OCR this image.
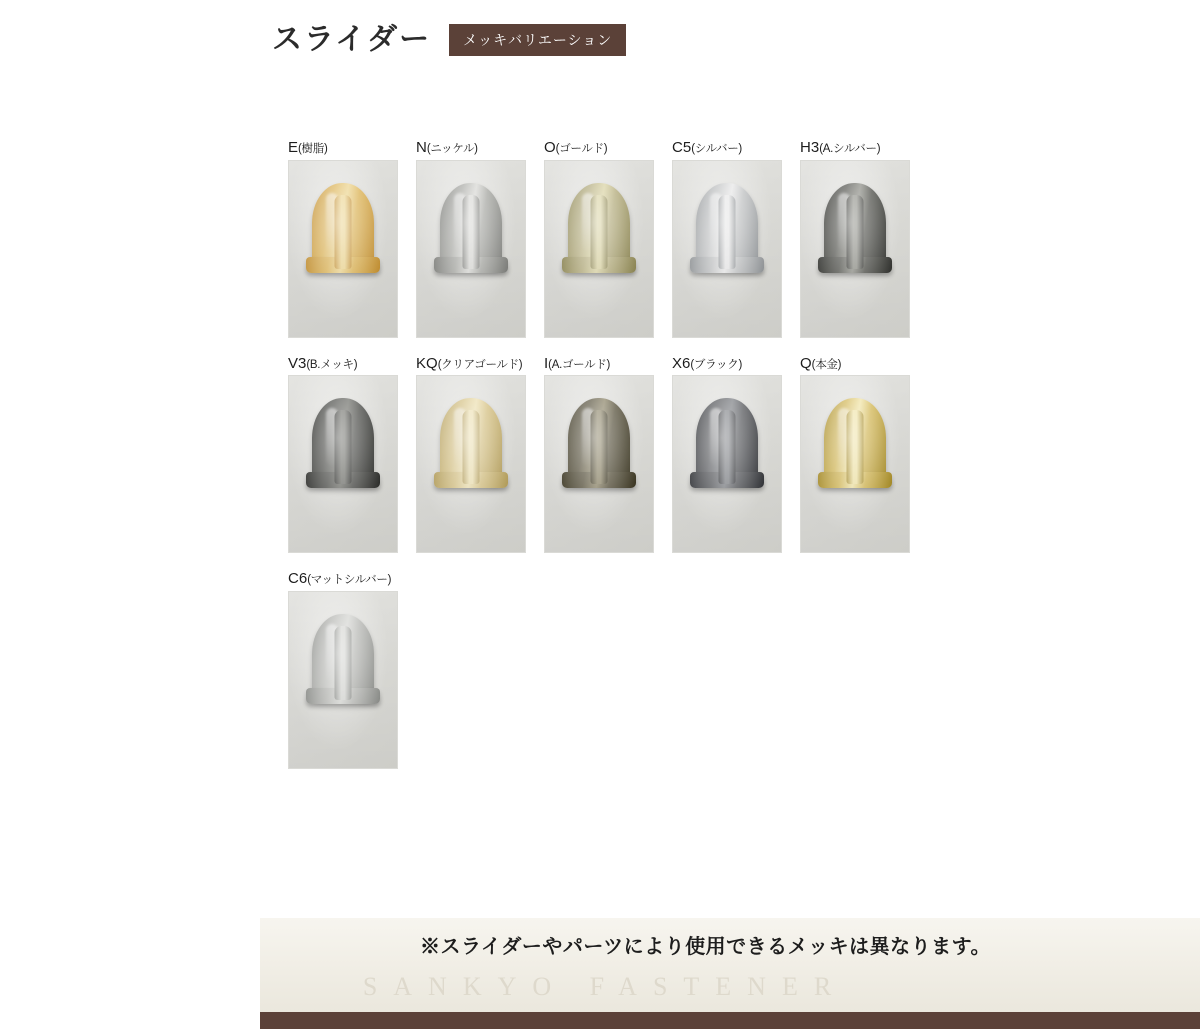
スライダー	メッキバリエーション
E(樹脂)	N(ニッケル)	O(ゴールド)	C5(シルバー)	H3(A.シルバー)
V3(B.メッキ)	KQ(クリアゴールド) I(A.ゴールド)	X6(ブラック)	Q(本金)
C6(マットシルバー)
※スライダーやパーツにより使用できるメッキは異なります。
SANKYO FASTENER
